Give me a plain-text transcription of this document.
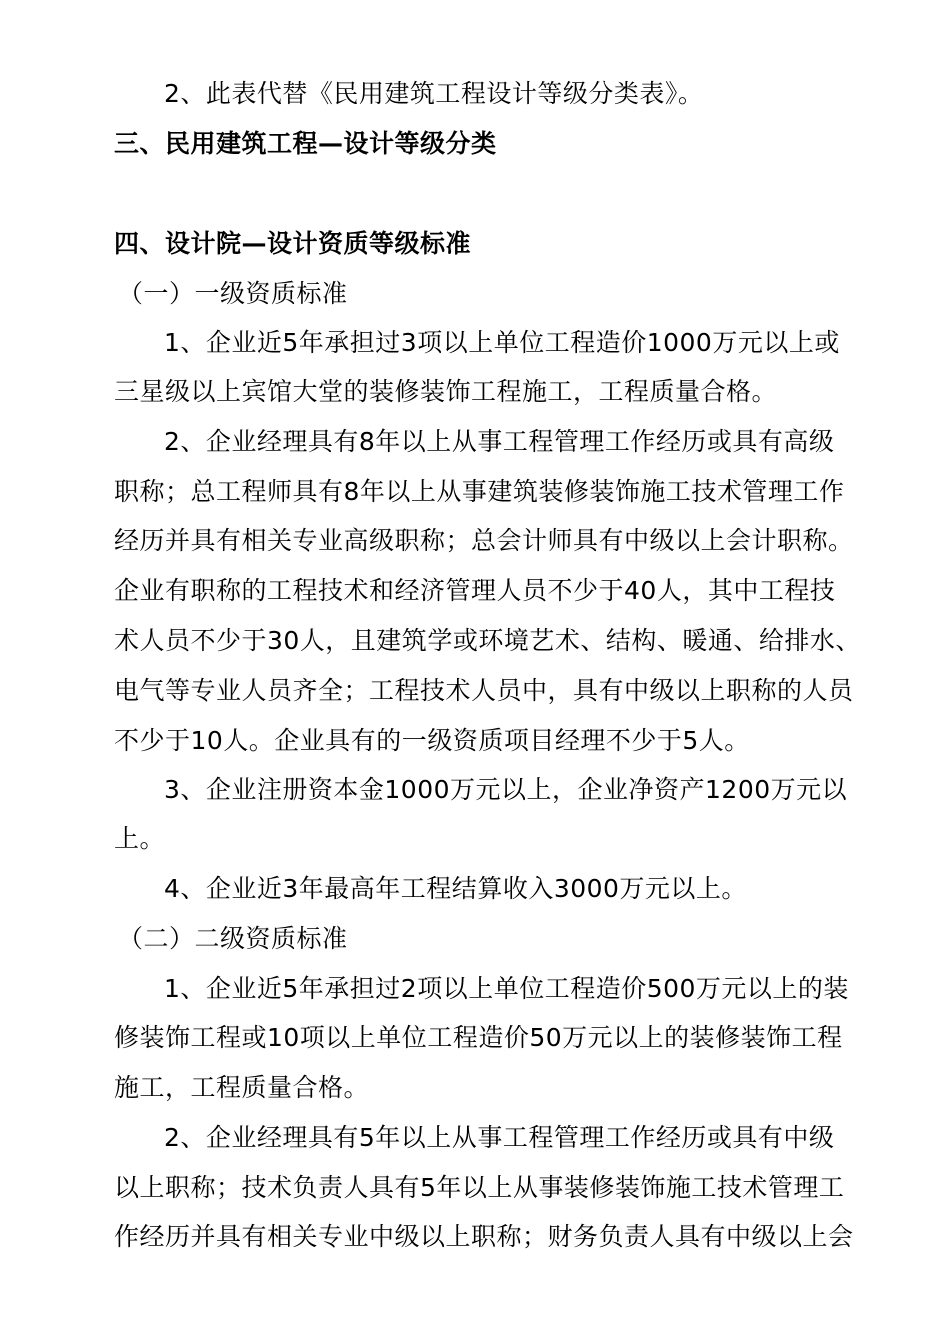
2、此表代替《民用建筑工程设计等级分类表》。
三、民用建筑工程—设计等级分类
四、设计院—设计资质等级标准
（一）一级资质标准
1、企业近5年承担过3项以上单位工程造价1000万元以上或
三星级以上宾馆大堂的装修装饰工程施工，工程质量合格。
2、企业经理具有8年以上从事工程管理工作经历或具有高级
职称；总工程师具有8年以上从事建筑装修装饰施工技术管理工作
经历并具有相关专业高级职称；总会计师具有中级以上会计职称。
企业有职称的工程技术和经济管理人员不少于40人，其中工程技
术人员不少于30人，且建筑学或环境艺术、结构、暖通、给排水、
电气等专业人员齐全；工程技术人员中，具有中级以上职称的人员
不少于10人。企业具有的一级资质项目经理不少于5人。
3、企业注册资本金1000万元以上，企业净资产1200万元以
上。
4、企业近3年最高年工程结算收入3000万元以上。
（二）二级资质标准
1、企业近5年承担过2项以上单位工程造价500万元以上的装
修装饰工程或10项以上单位工程造价50万元以上的装修装饰工程
施工，工程质量合格。
2、企业经理具有5年以上从事工程管理工作经历或具有中级
以上职称；技术负责人具有5年以上从事装修装饰施工技术管理工
作经历并具有相关专业中级以上职称；财务负责人具有中级以上会
